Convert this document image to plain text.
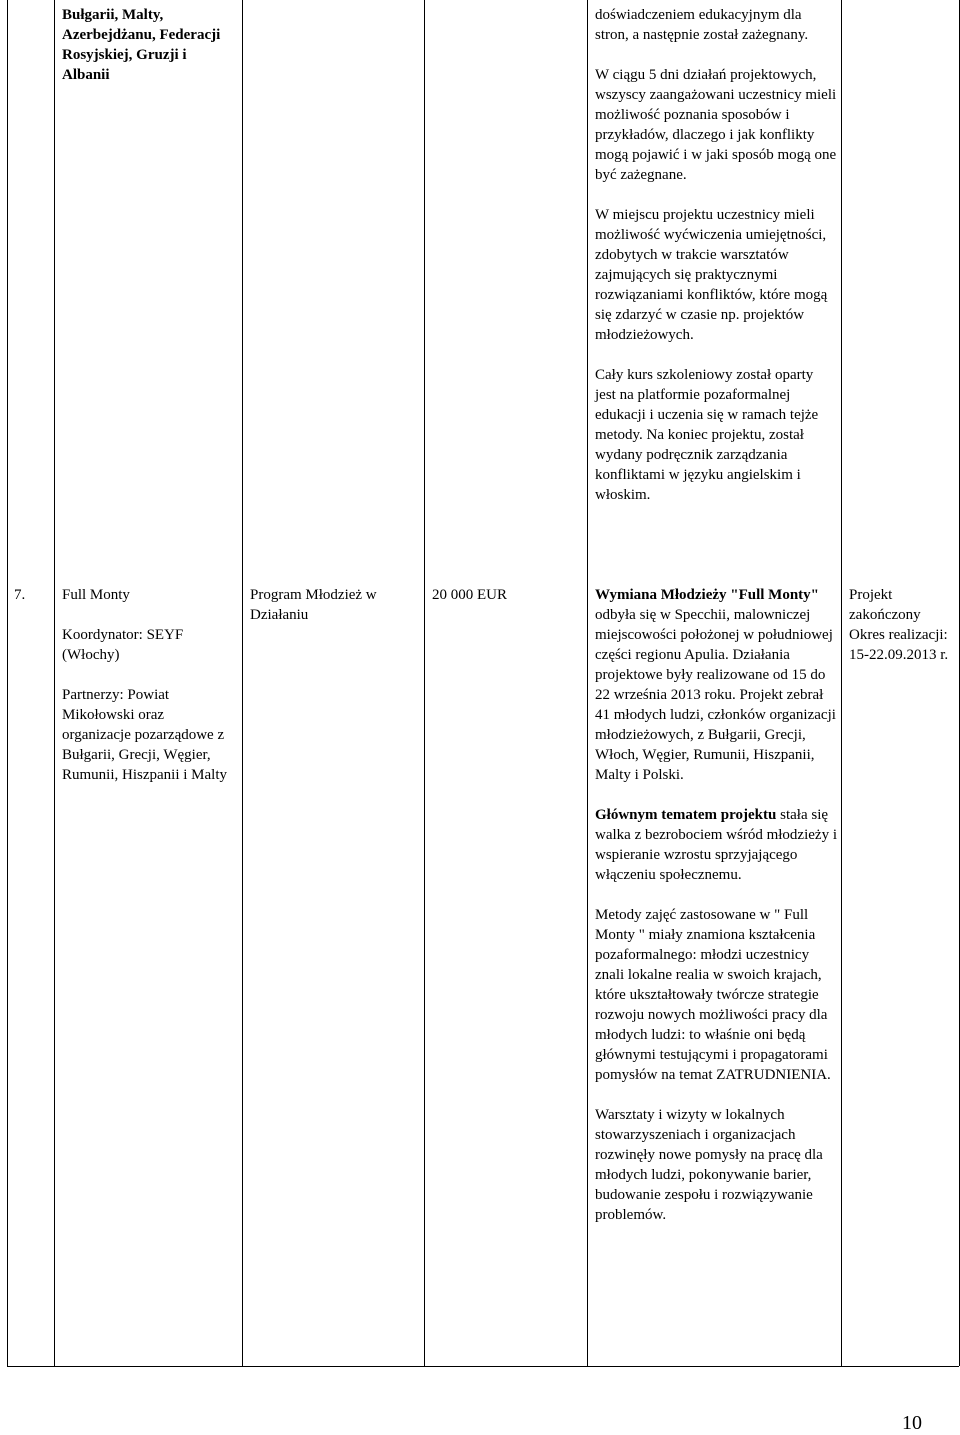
Bułgarii, Malty, Azerbejdżanu, Federacji Rosyjskiej, Gruzji i Albanii

doświadczeniem edukacyjnym dla stron, a następnie został zażegnany.

W ciągu 5 dni działań projektowych, wszyscy zaangażowani uczestnicy mieli możliwość poznania sposobów i przykładów, dlaczego i jak konflikty mogą pojawić i w jaki sposób mogą one być zażegnane.

W miejscu projektu uczestnicy mieli możliwość wyćwiczenia umiejętności, zdobytych w trakcie warsztatów zajmujących się praktycznymi rozwiązaniami konfliktów, które mogą się zdarzyć w czasie np. projektów młodzieżowych.

Cały kurs szkoleniowy został oparty jest na platformie pozaformalnej edukacji i uczenia się w ramach tejże metody. Na koniec projektu, został wydany podręcznik zarządzania konfliktami w języku angielskim i włoskim.

7.	Full Monty

Koordynator: SEYF (Włochy)

Partnerzy: Powiat Mikołowski oraz organizacje pozarządowe z Bułgarii, Grecji, Węgier, Rumunii, Hiszpanii i Malty

Program Młodzież w Działaniu
20 000 EUR	Wymiana Młodzieży "Full Monty" odbyła się w Specchii, malowniczej miejscowości położonej w południowej części regionu Apulia. Działania projektowe były realizowane od 15 do 22 września 2013 roku. Projekt zebrał 41 młodych ludzi, członków organizacji młodzieżowych, z Bułgarii, Grecji, Włoch, Węgier, Rumunii, Hiszpanii, Malty i Polski.

Głównym tematem projektu stała się walka z bezrobociem wśród młodzieży i wspieranie wzrostu sprzyjającego włączeniu społecznemu.

Metody zajęć zastosowane w " Full Monty " miały znamiona kształcenia pozaformalnego: młodzi uczestnicy znali lokalne realia w swoich krajach, które ukształtowały twórcze strategie rozwoju nowych możliwości pracy dla młodych ludzi: to właśnie oni będą głównymi testującymi i propagatorami pomysłów na temat ZATRUDNIENIA.

Warsztaty i wizyty w lokalnych stowarzyszeniach i organizacjach rozwinęły nowe pomysły na pracę dla młodych ludzi, pokonywanie barier, budowanie zespołu i rozwiązywanie problemów.

Projekt zakończony Okres realizacji: 15-22.09.2013 r.
10
